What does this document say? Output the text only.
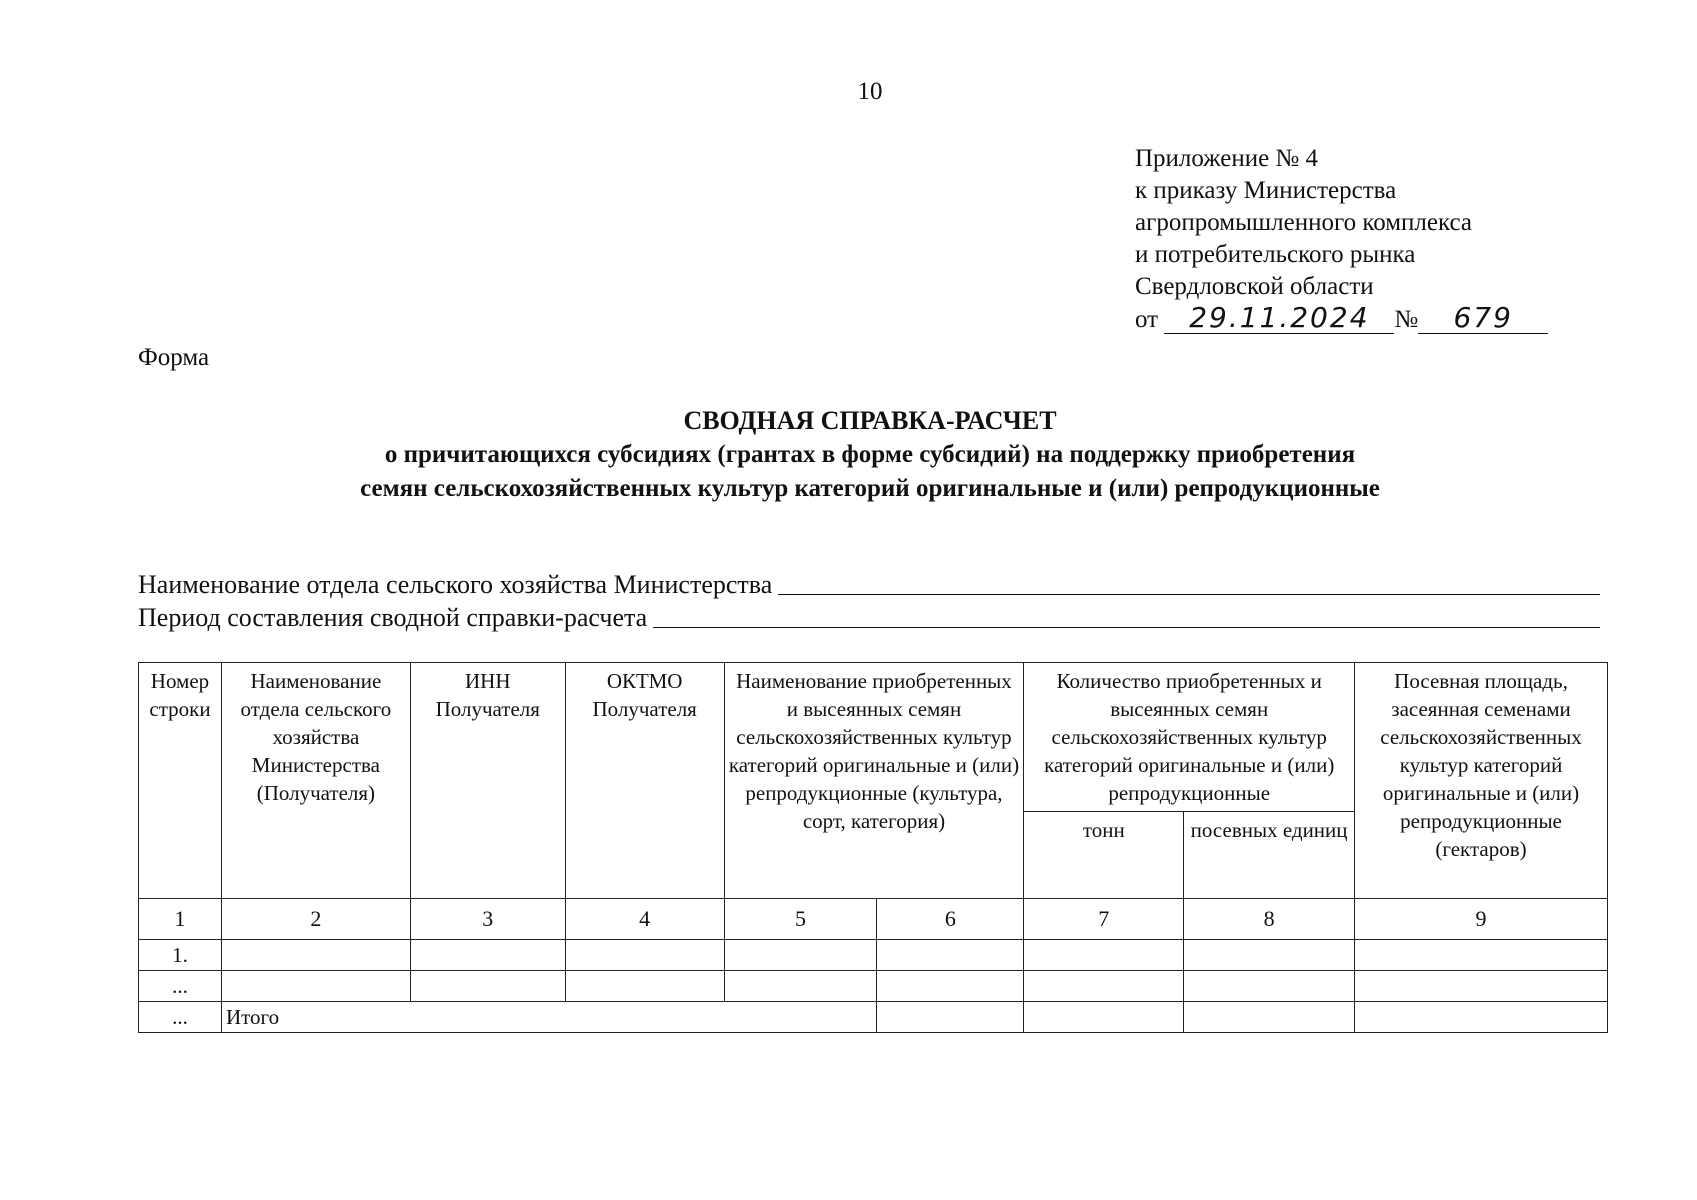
10
Приложение № 4
к приказу Министерства
агропромышленного комплекса
и потребительского рынка
Свердловской области
от 29.11.2024 № 679
Форма
СВОДНАЯ СПРАВКА-РАСЧЕТ
о причитающихся субсидиях (грантах в форме субсидий) на поддержку приобретения
семян сельскохозяйственных культур категорий оригинальные и (или) репродукционные
Наименование отдела сельского хозяйства Министерства
Период составления сводной справки-расчета
Номер строки	Наименование отдела сельского хозяйства Министерства (Получателя)	ИНН Получателя	ОКТМО Получателя	Наименование приобретенных и высеянных семян сельскохозяйственных культур категорий оригинальные и (или) репродукционные (культура, сорт, категория)		Количество приобретенных и высеянных семян сельскохозяйственных культур категорий оригинальные и (или) репродукционные		Посевная площадь, засеянная семенами сельскохозяйственных культур категорий оригинальные и (или) репродукционные (гектаров)
						тонн	посевных единиц	
1	2	3	4	5	6	7	8	9
1.								
...								
...	Итого							
